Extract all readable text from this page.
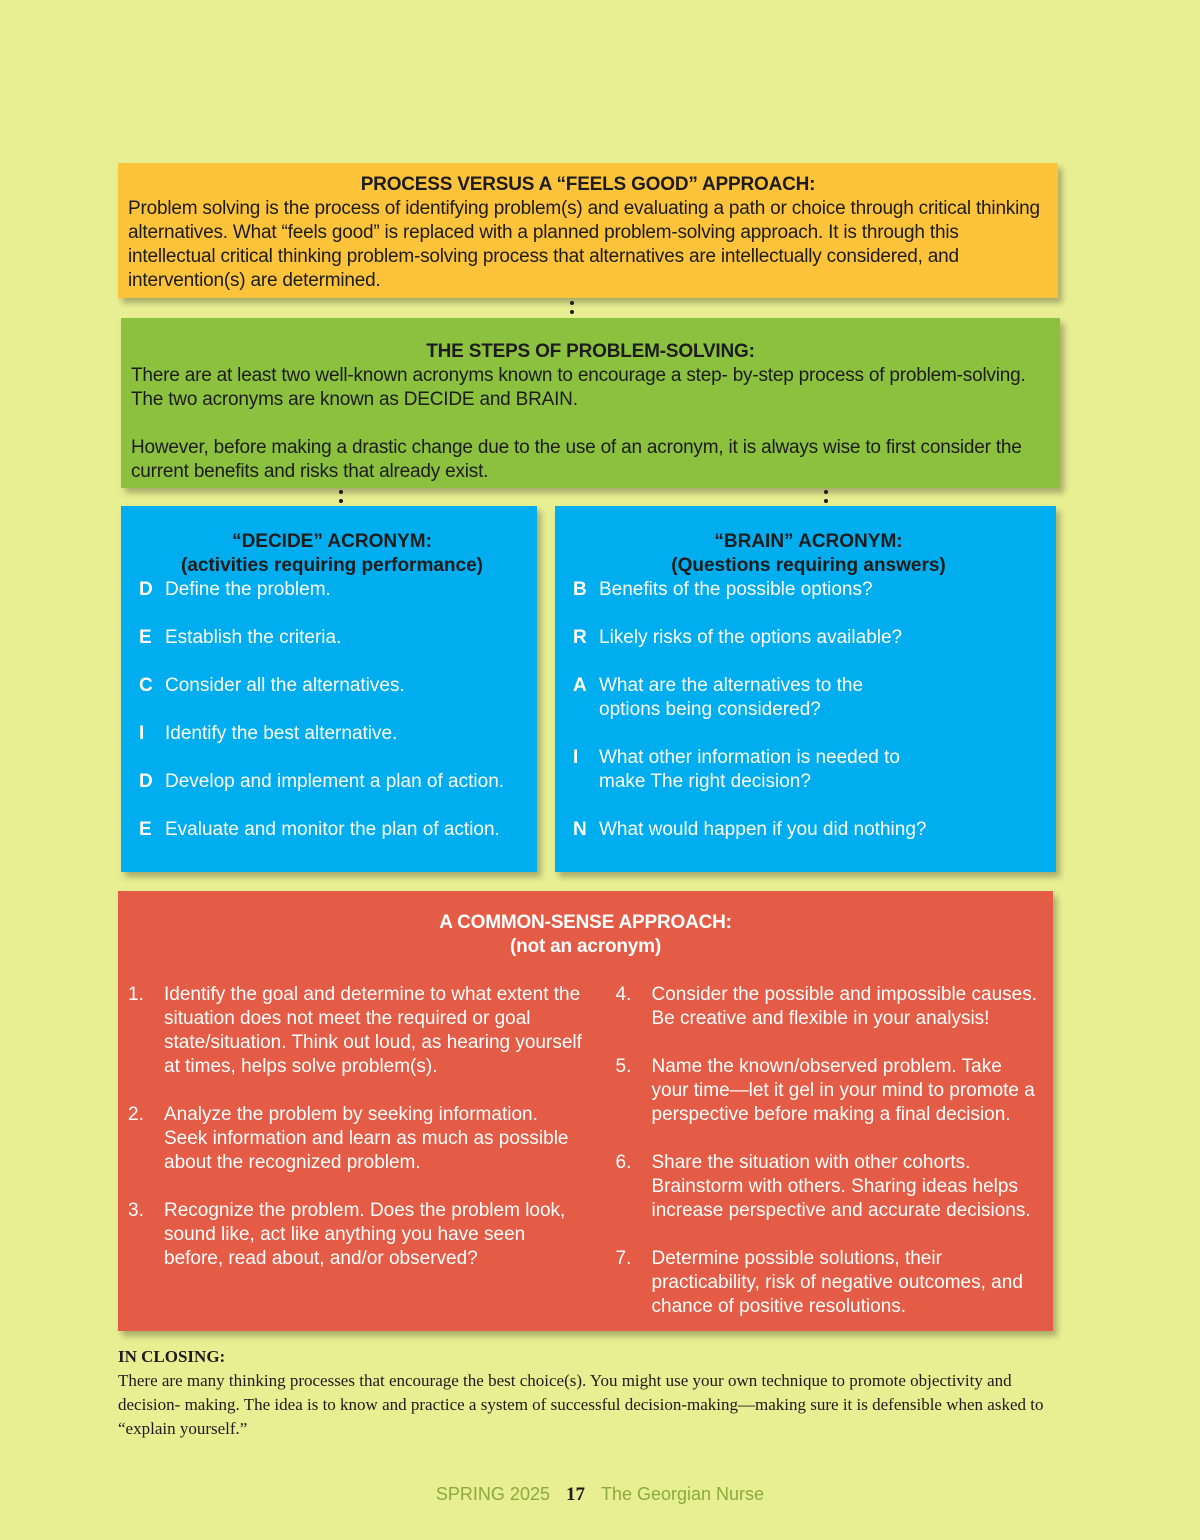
PROCESS VERSUS A “FEELS GOOD” APPROACH:
Problem solving is the process of identifying problem(s) and evaluating a path or choice through critical thinking alternatives. What “feels good” is replaced with a planned problem-solving approach. It is through this intellectual critical thinking problem-solving process that alternatives are intellectually considered, and intervention(s) are determined.
THE STEPS OF PROBLEM-SOLVING:
There are at least two well-known acronyms known to encourage a step- by-step process of problem-solving. The two acronyms are known as DECIDE and BRAIN.
However, before making a drastic change due to the use of an acronym, it is always wise to first consider the current benefits and risks that already exist.
“DECIDE” ACRONYM:
(activities requiring performance)
D Define the problem.
E Establish the criteria.
C Consider all the alternatives.
I	Identify the best alternative.
D Develop and implement a plan of action.
E Evaluate and monitor the plan of action.
“BRAIN” ACRONYM:
(Questions requiring answers)
B Benefits of the possible options?
R Likely risks of the options available?
A What are the alternatives to the options being considered?
I	What other information is needed to make The right decision?
N What would happen if you did nothing?
A COMMON-SENSE APPROACH:
(not an acronym)
1.	Identify the goal and determine to what extent the situation does not meet the required or goal state/situation. Think out loud, as hearing yourself at times, helps solve problem(s).
2.	Analyze the problem by seeking information. Seek information and learn as much as possible about the recognized problem.
3.	Recognize the problem. Does the problem look, sound like, act like anything you have seen before, read about, and/or observed?
4.	Consider the possible and impossible causes. Be creative and flexible in your analysis!
5.	Name the known/observed problem. Take your time—let it gel in your mind to promote a perspective before making a final decision.
6.	Share the situation with other cohorts. Brainstorm with others. Sharing ideas helps increase perspective and accurate decisions.
7.	Determine possible solutions, their practicability, risk of negative outcomes, and chance of positive resolutions.
IN CLOSING:
There are many thinking processes that encourage the best choice(s). You might use your own technique to promote objectivity and decision- making. The idea is to know and practice a system of successful decision-making—making sure it is defensible when asked to “explain yourself.”
SPRING 2025 17 The Georgian Nurse
